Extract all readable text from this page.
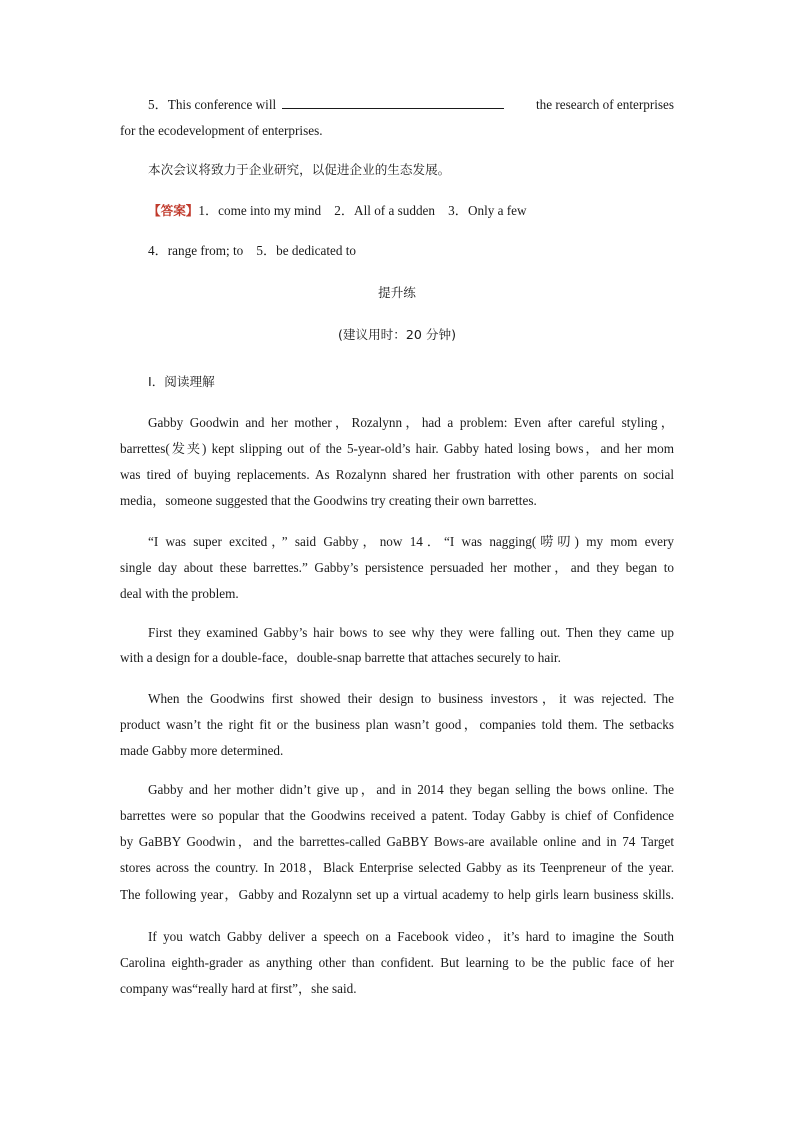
5．This conference will	the research of enterprises
for the ecodevelopment of enterprises.
本次会议将致力于企业研究，以促进企业的生态发展。
【答案】1．come into my mind　2．All of a sudden　3．Only a few
4．range from; to　5．be dedicated to
提升练
(建议用时：20 分钟)
Ⅰ．阅读理解
Gabby Goodwin and her mother，Rozalynn，had a problem: Even after careful styling，
barrettes(发夹) kept slipping out of the 5-year-old’s hair. Gabby hated losing bows，and her mom
was tired of buying replacements. As Rozalynn shared her frustration with other parents on social
media，someone suggested that the Goodwins try creating their own barrettes.
“I was super excited，” said Gabby，now 14．“I was nagging(唠叨) my mom every
single day about these barrettes.” Gabby’s persistence persuaded her mother，and they began to
deal with the problem.
First they examined Gabby’s hair bows to see why they were falling out. Then they came up
with a design for a double-face，double-snap barrette that attaches securely to hair.
When the Goodwins first showed their design to business investors，it was rejected. The
product wasn’t the right fit or the business plan wasn’t good，companies told them. The setbacks
made Gabby more determined.
Gabby and her mother didn’t give up，and in 2014 they began selling the bows online. The
barrettes were so popular that the Goodwins received a patent. Today Gabby is chief of Confidence
by GaBBY Goodwin，and the barrettes-called GaBBY Bows-are available online and in 74 Target
stores across the country. In 2018，Black Enterprise selected Gabby as its Teenpreneur of the year.
The following year，Gabby and Rozalynn set up a virtual academy to help girls learn business skills.
If you watch Gabby deliver a speech on a Facebook video，it’s hard to imagine the South
Carolina eighth-grader as anything other than confident. But learning to be the public face of her
company was“really hard at first”，she said.
